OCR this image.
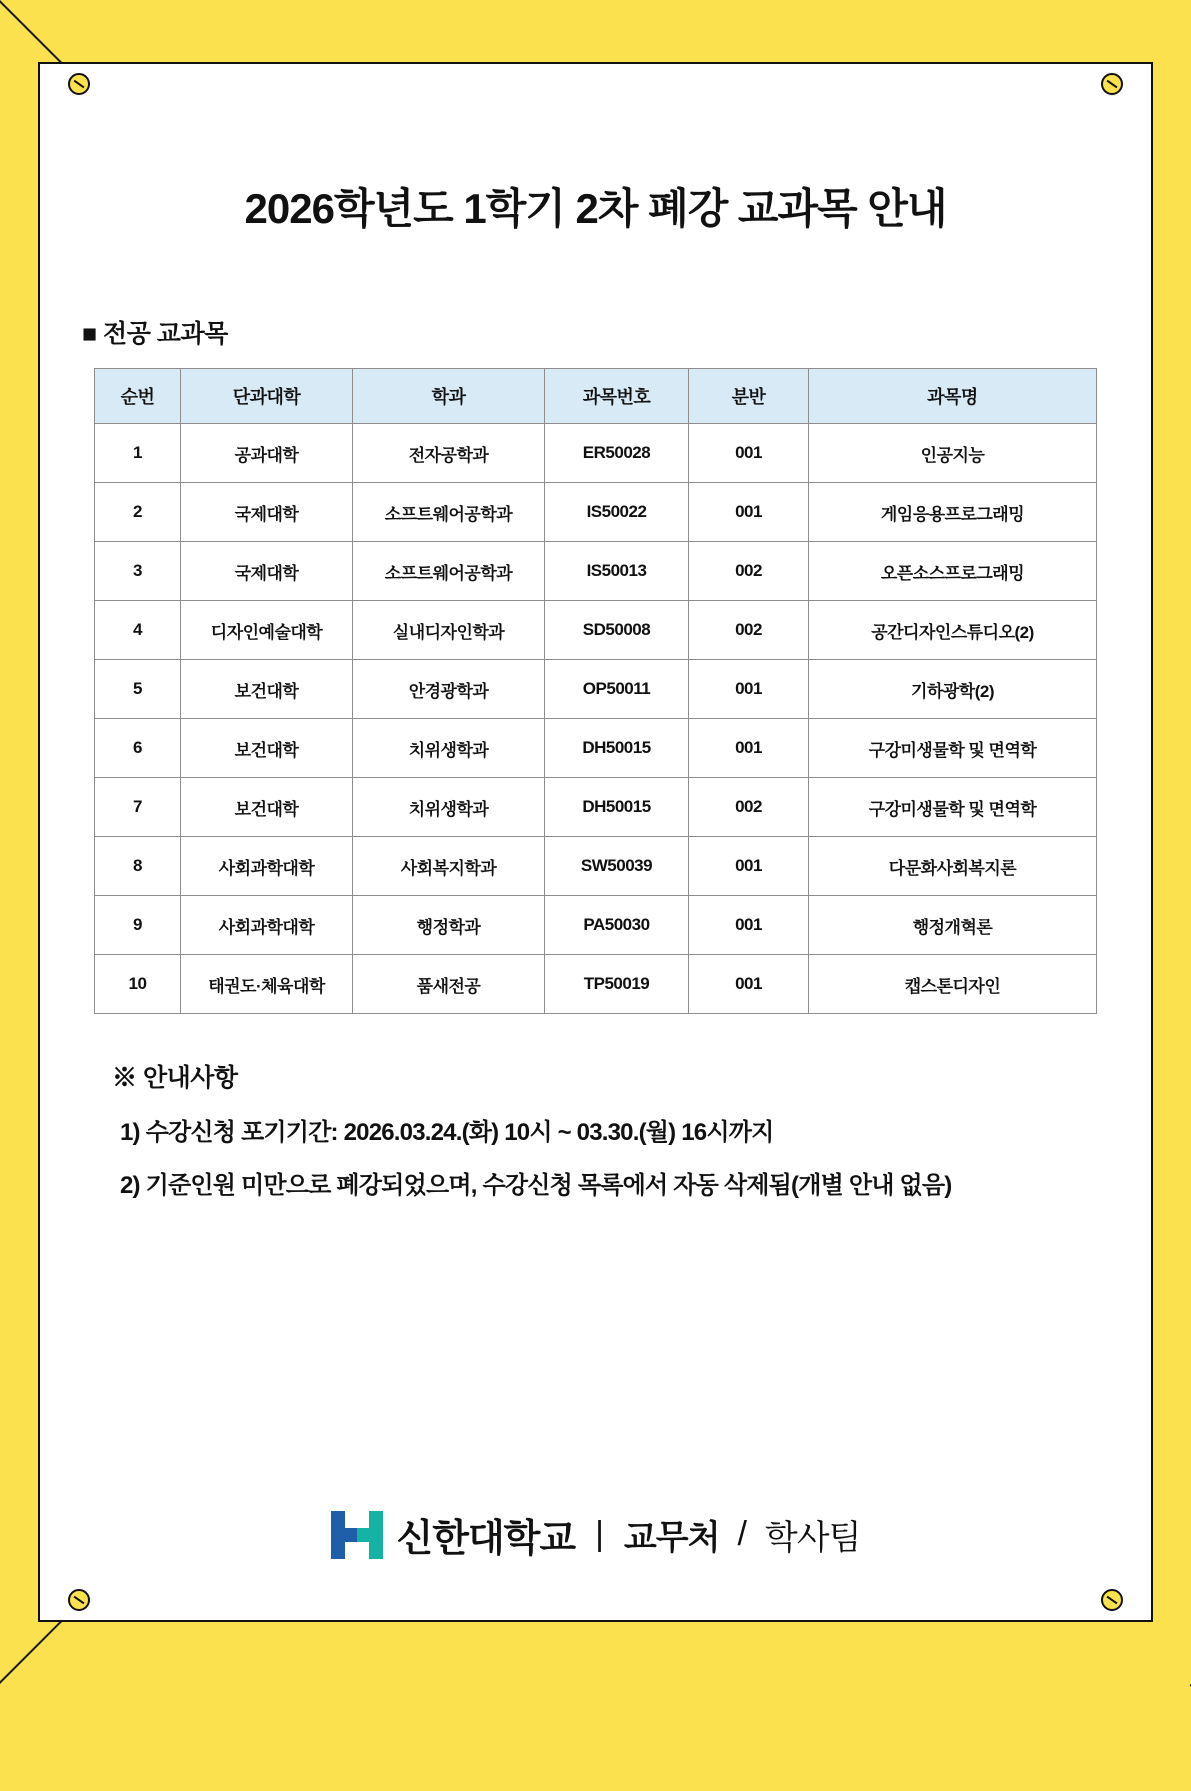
2026학년도 1학기 2차 폐강 교과목 안내
■ 전공 교과목
순번	단과대학	학과	과목번호	분반	과목명
1	공과대학	전자공학과	ER50028	001	인공지능
2	국제대학	소프트웨어공학과	IS50022	001	게임응용프로그래밍
3	국제대학	소프트웨어공학과	IS50013	002	오픈소스프로그래밍
4	디자인예술대학	실내디자인학과	SD50008	002	공간디자인스튜디오(2)
5	보건대학	안경광학과	OP50011	001	기하광학(2)
6	보건대학	치위생학과	DH50015	001	구강미생물학 및 면역학
7	보건대학	치위생학과	DH50015	002	구강미생물학 및 면역학
8	사회과학대학	사회복지학과	SW50039	001	다문화사회복지론
9	사회과학대학	행정학과	PA50030	001	행정개혁론
10	태권도·체육대학	품새전공	TP50019	001	캡스톤디자인
※ 안내사항
1) 수강신청 포기기간: 2026.03.24.(화) 10시 ~ 03.30.(월) 16시까지
2) 기준인원 미만으로 폐강되었으며, 수강신청 목록에서 자동 삭제됨(개별 안내 없음)
신한대학교 | 교무처 / 학사팀
